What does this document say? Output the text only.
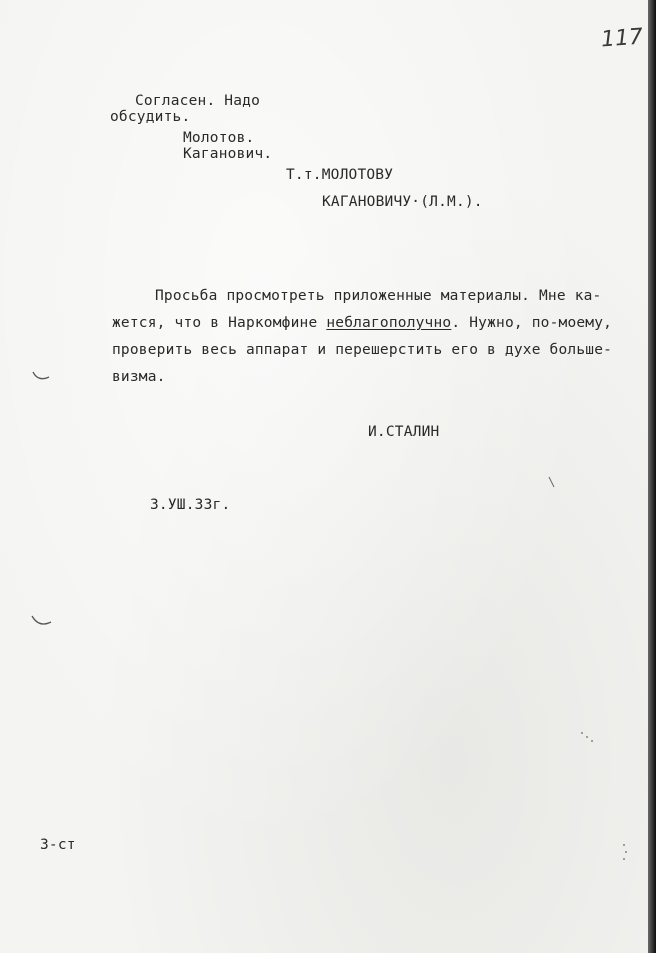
117
Согласен. Надо
обсудить.
Молотов.
Каганович.
Т.т.МОЛОТОВУ
КАГАНОВИЧУ·(Л.М.).
Просьба просмотреть приложенные материалы. Мне ка-
жется, что в Наркомфине неблагополучно. Нужно, по-моему,
проверить весь аппарат и перешерстить его в духе больше-
визма.
И.СТАЛИН
3.УШ.33г.
3-ст
